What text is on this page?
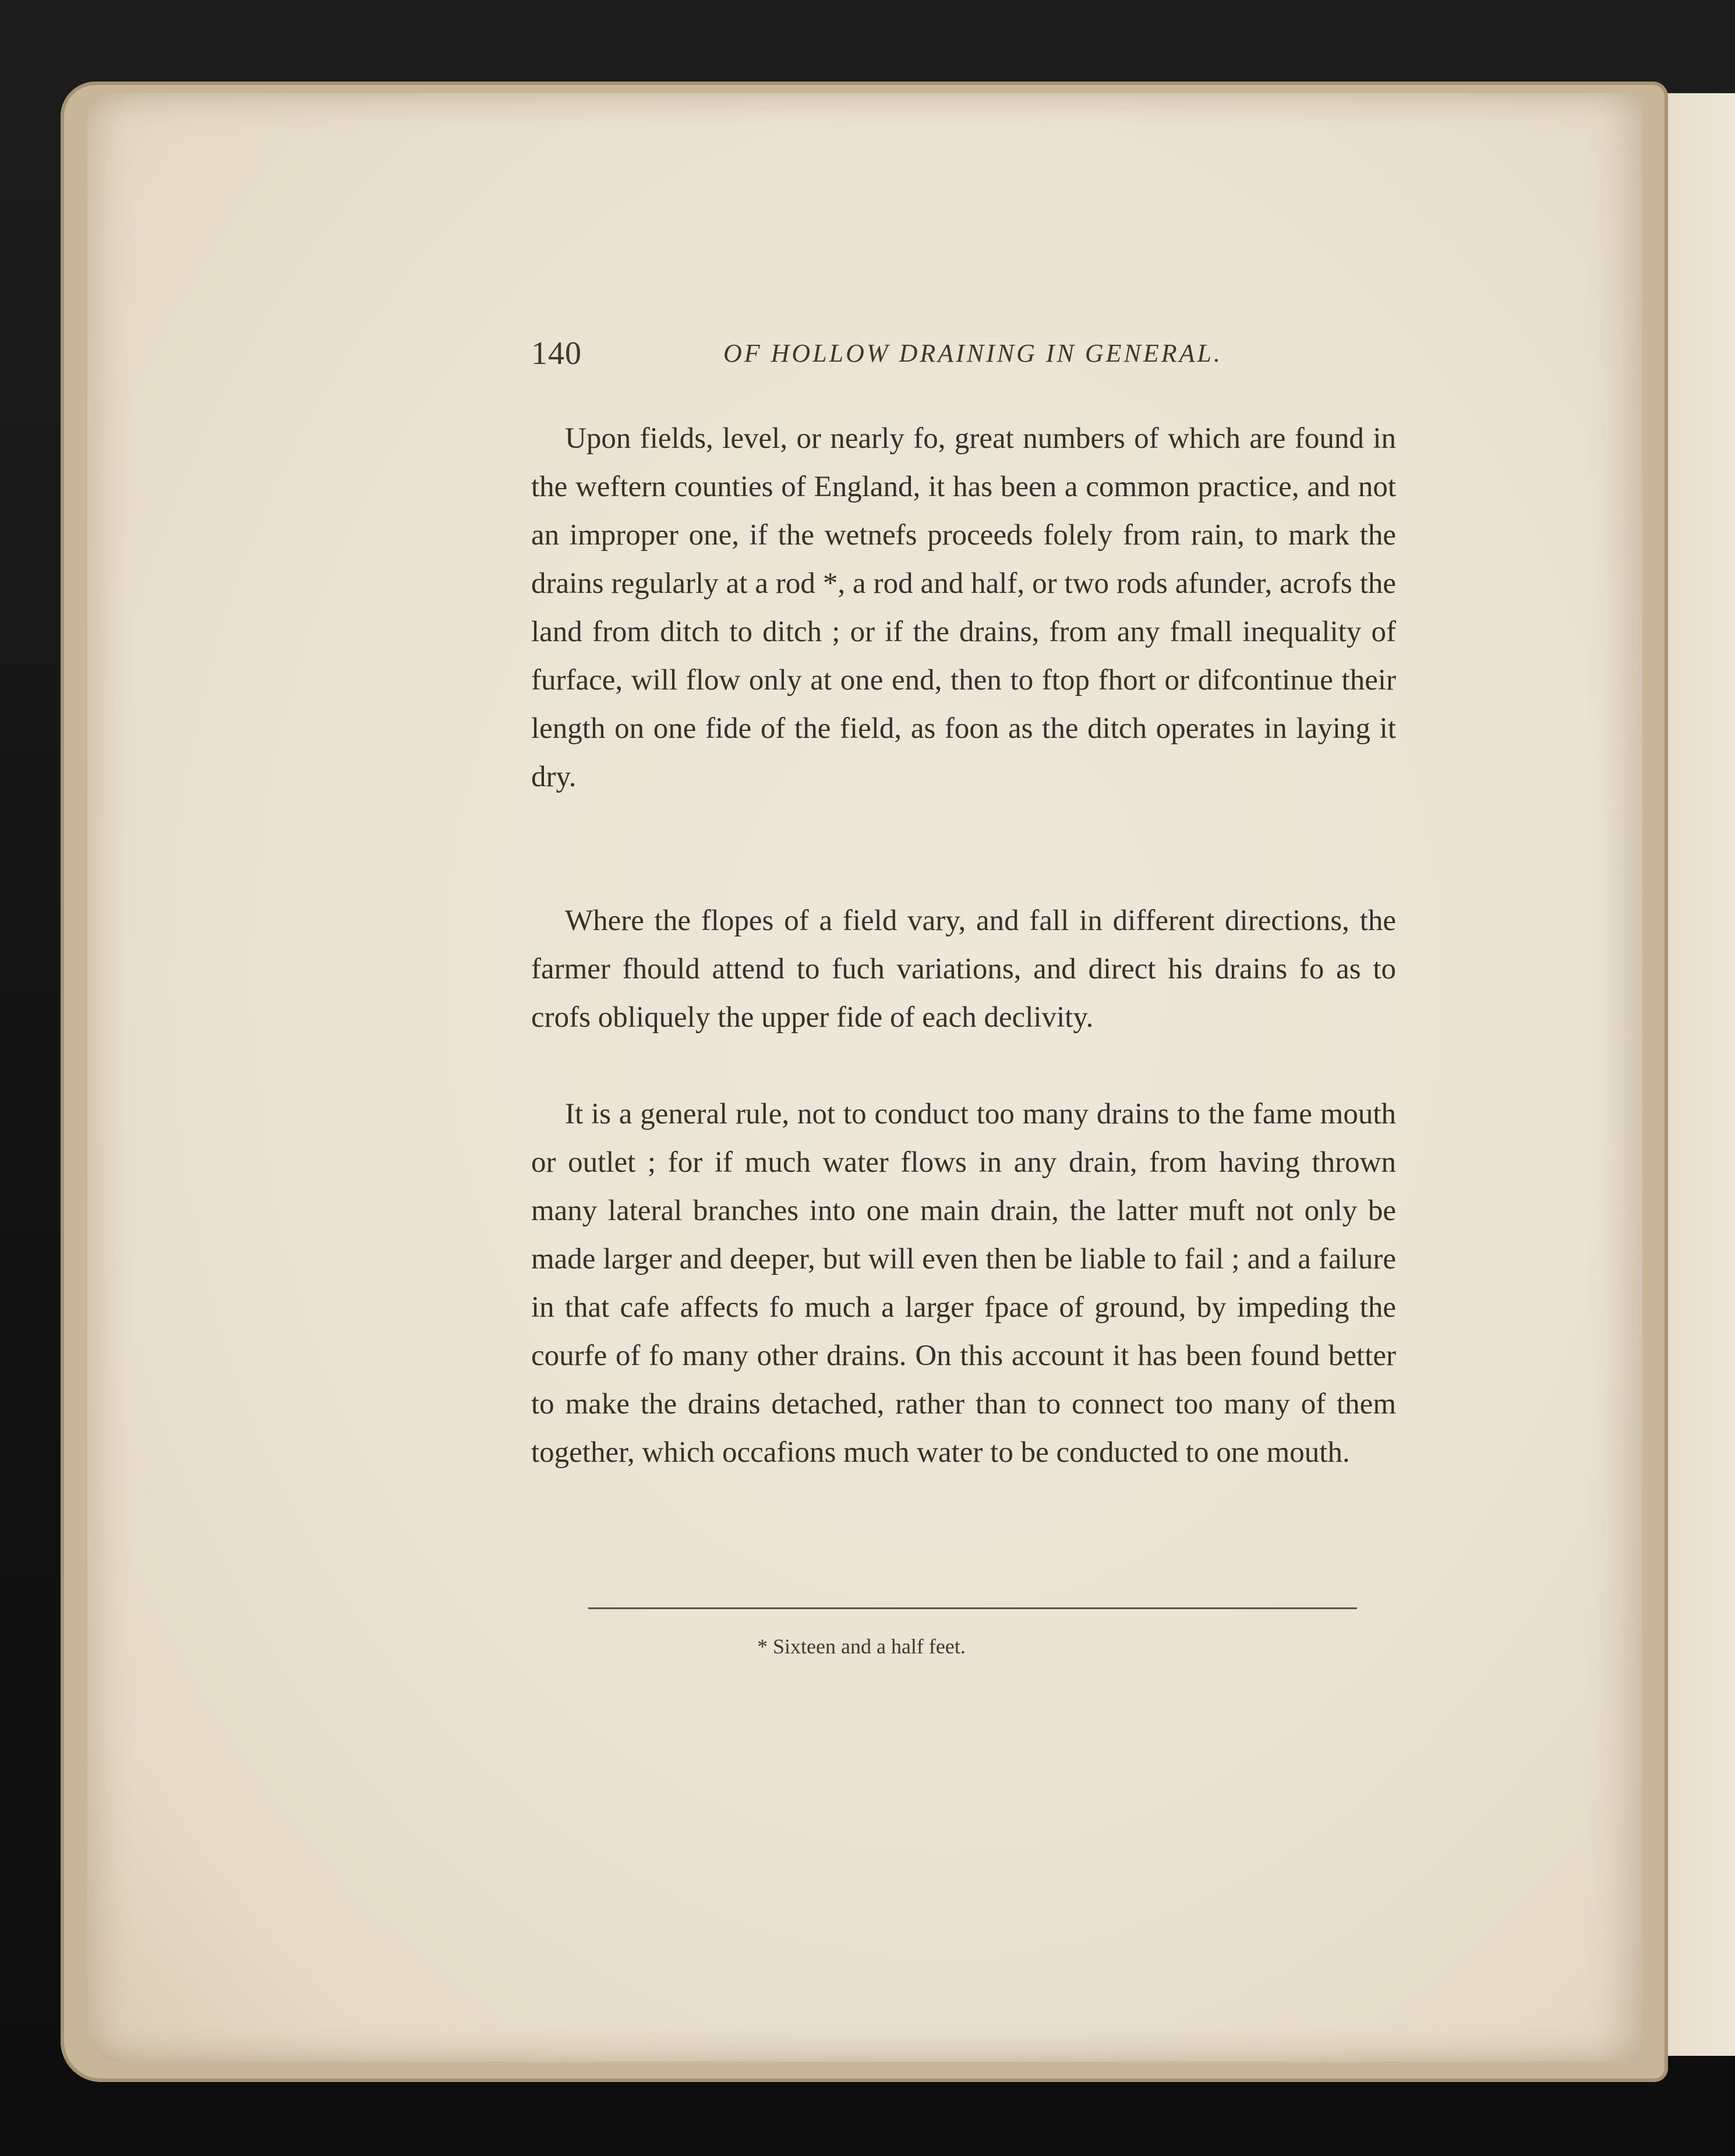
140	OF HOLLOW DRAINING IN GENERAL.

Upon fields, level, or nearly fo, great numbers of which are found in the weftern counties of England, it has been a common practice, and not an improper one, if the wetnefs proceeds folely from rain, to mark the drains regularly at a rod *, a rod and half, or two rods afunder, acrofs the land from ditch to ditch ; or if the drains, from any fmall inequality of furface, will flow only at one end, then to ftop fhort or difcontinue their length on one fide of the field, as foon as the ditch operates in laying it dry.

Where the flopes of a field vary, and fall in different directions, the farmer fhould attend to fuch variations, and direct his drains fo as to crofs obliquely the upper fide of each declivity.

It is a general rule, not to conduct too many drains to the fame mouth or outlet ; for if much water flows in any drain, from having thrown many lateral branches into one main drain, the latter muft not only be made larger and deeper, but will even then be liable to fail ; and a failure in that cafe affects fo much a larger fpace of ground, by impeding the courfe of fo many other drains. On this account it has been found better to make the drains detached, rather than to connect too many of them together, which occafions much water to be conducted to one mouth.

* Sixteen and a half feet.
